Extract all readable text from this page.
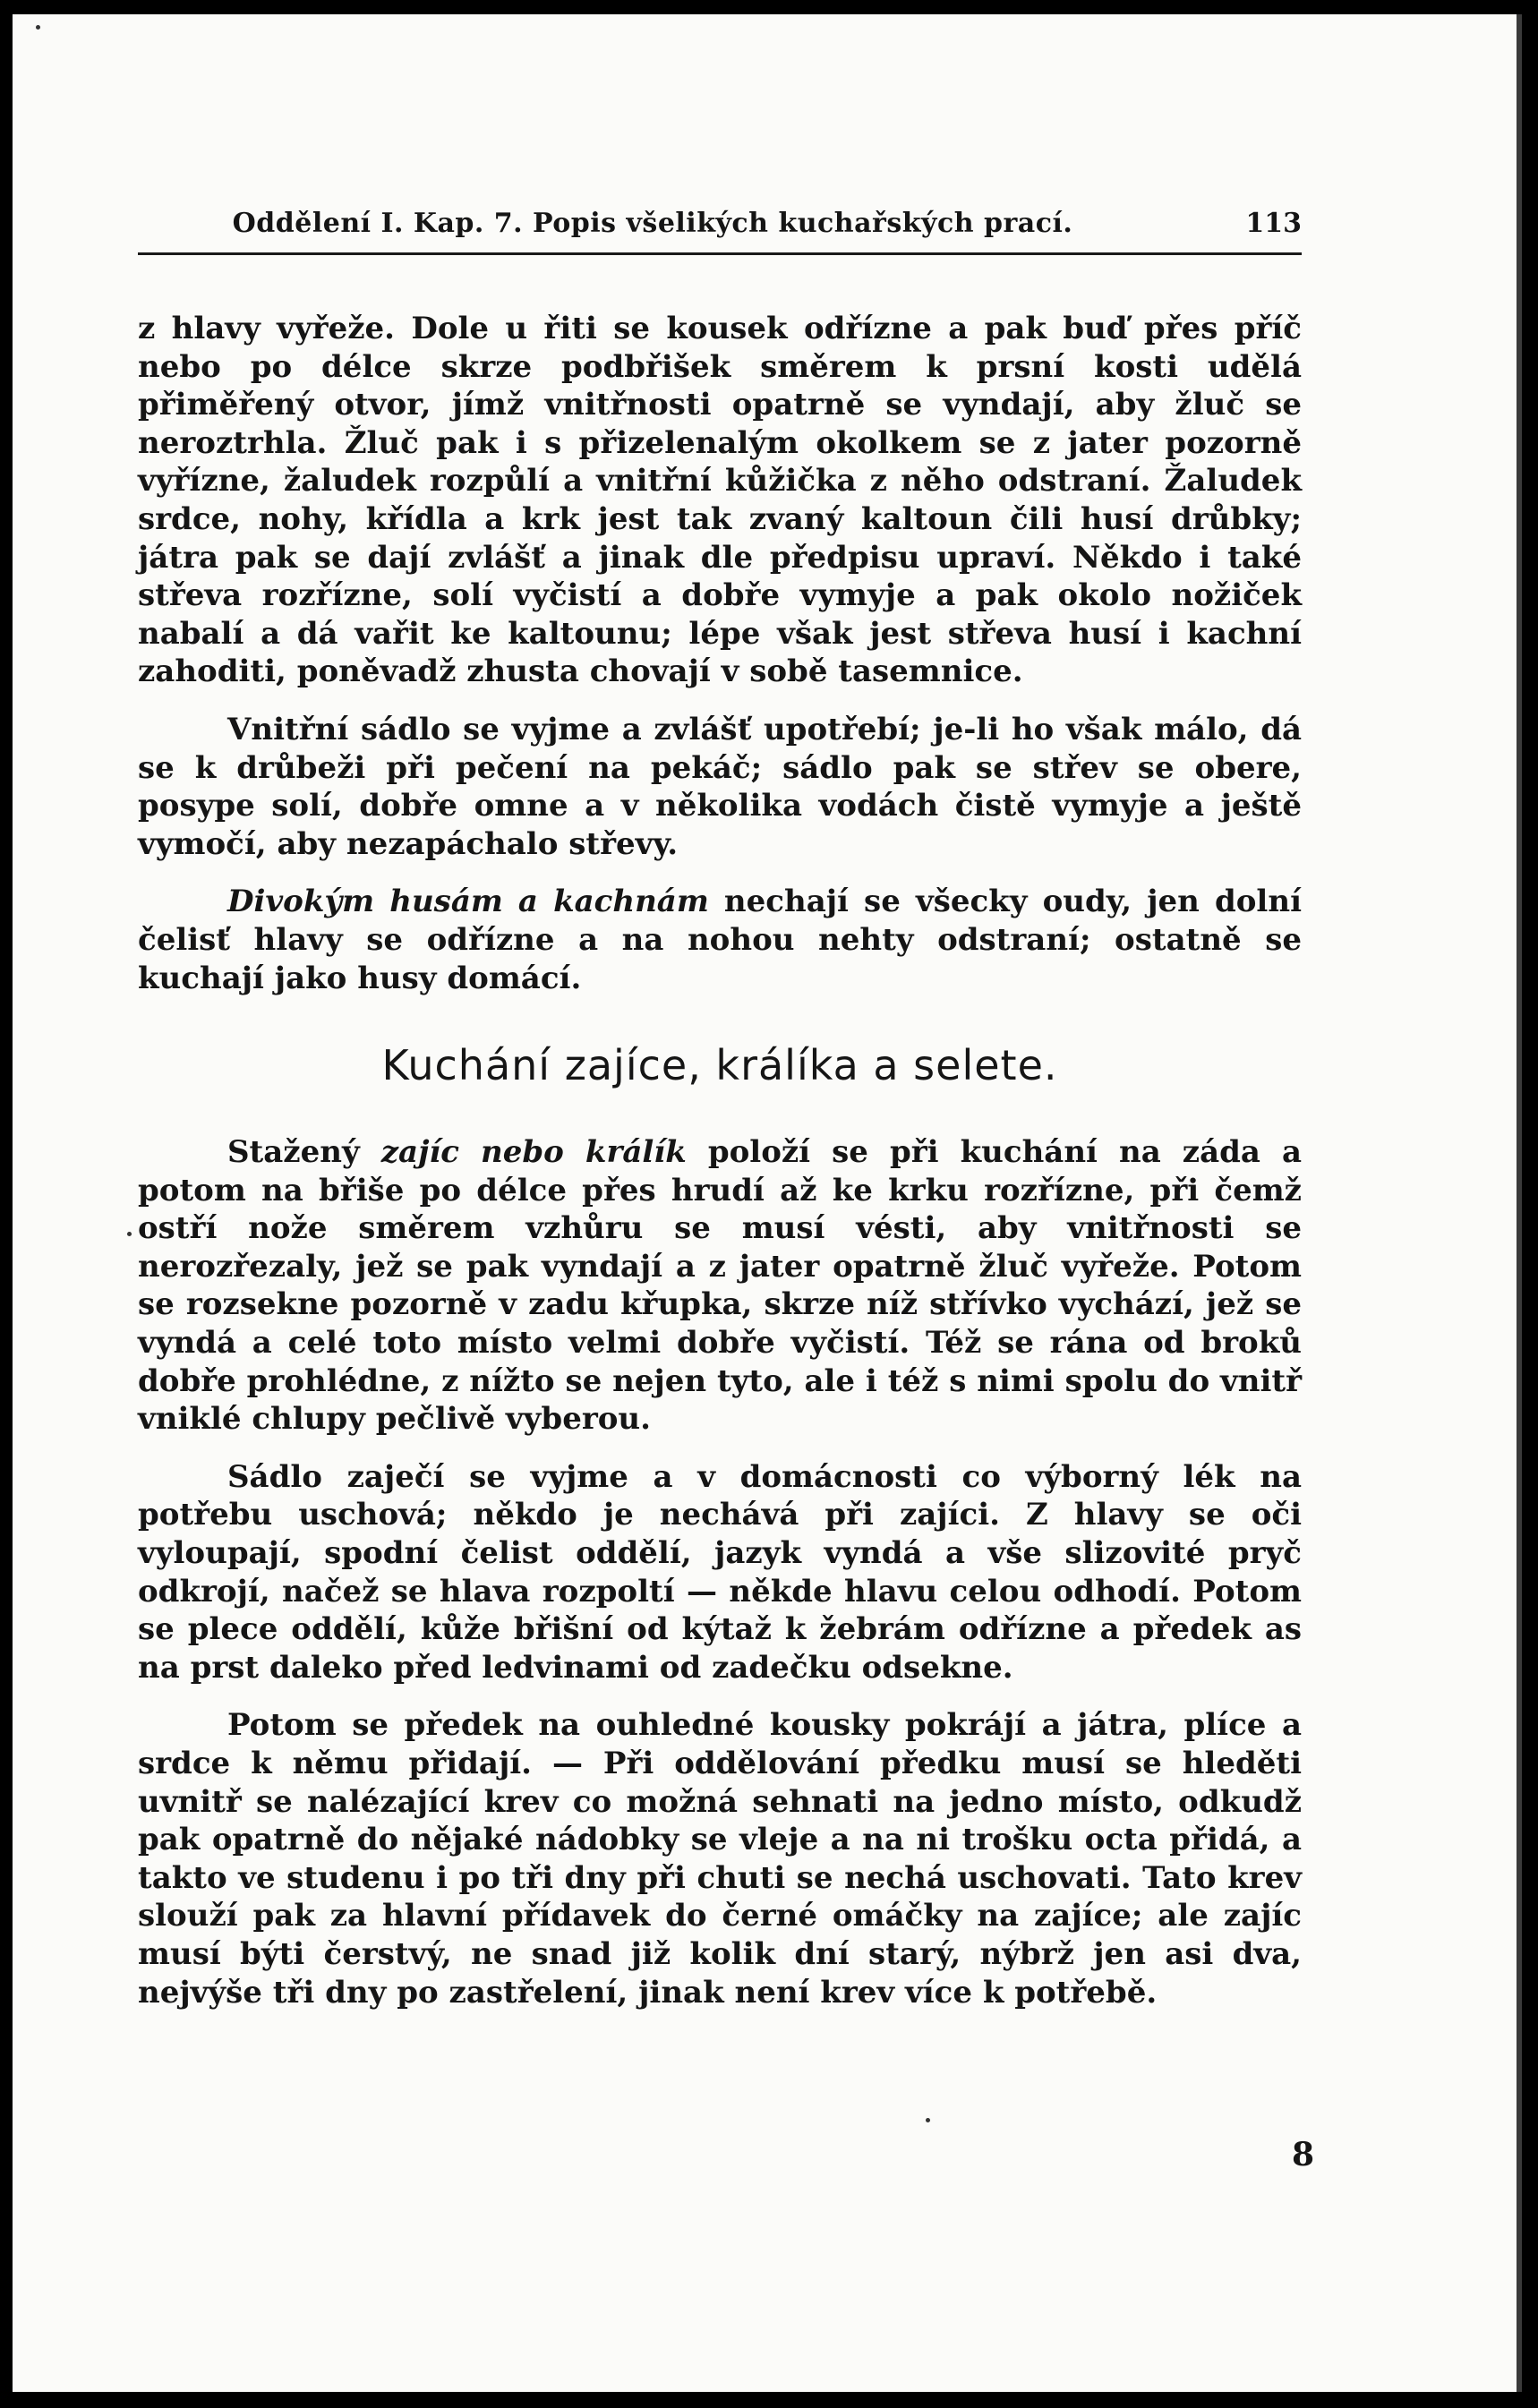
Oddělení I. Kap. 7. Popis všelikých kuchařských prací.	113

z hlavy vyřeže. Dole u řiti se kousek odřízne a pak buď přes příč nebo po délce skrze podbřišek směrem k prsní kosti udělá přiměřený otvor, jímž vnitřnosti opatrně se vyndají, aby žluč se neroztrhla. Žluč pak i s přizelenalým okolkem se z jater pozorně vyřízne, žaludek rozpůlí a vnitřní kůžička z něho odstraní. Žaludek srdce, nohy, křídla a krk jest tak zvaný kaltoun čili husí drůbky; játra pak se dají zvlášť a jinak dle předpisu upraví. Někdo i také střeva rozřízne, solí vyčistí a dobře vymyje a pak okolo nožiček nabalí a dá vařit ke kaltounu; lépe však jest střeva husí i kachní zahoditi, poněvadž zhusta chovají v sobě tasemnice.

Vnitřní sádlo se vyjme a zvlášť upotřebí; je-li ho však málo, dá se k drůbeži při pečení na pekáč; sádlo pak se střev se obere, posype solí, dobře omne a v několika vodách čistě vymyje a ještě vymočí, aby nezapáchalo střevy.

Divokým husám a kachnám nechají se všecky oudy, jen dolní čelisť hlavy se odřízne a na nohou nehty odstraní; ostatně se kuchají jako husy domácí.

Kuchání zajíce, králíka a selete.

Stažený zajíc nebo králík položí se při kuchání na záda a potom na břiše po délce přes hrudí až ke krku rozřízne, při čemž ostří nože směrem vzhůru se musí vésti, aby vnitřnosti se nerozřezaly, jež se pak vyndají a z jater opatrně žluč vyřeže. Potom se rozsekne pozorně v zadu křupka, skrze níž střívko vychází, jež se vyndá a celé toto místo velmi dobře vyčistí. Též se rána od broků dobře prohlédne, z nížto se nejen tyto, ale i též s nimi spolu do vnitř vniklé chlupy pečlivě vyberou.

Sádlo zaječí se vyjme a v domácnosti co výborný lék na potřebu uschová; někdo je nechává při zajíci. Z hlavy se oči vyloupají, spodní čelist oddělí, jazyk vyndá a vše slizovité pryč odkrojí, načež se hlava rozpoltí — někde hlavu celou odhodí. Potom se plece oddělí, kůže břišní od kýtaž k žebrám odřízne a předek as na prst daleko před ledvinami od zadečku odsekne.

Potom se předek na ouhledné kousky pokrájí a játra, plíce a srdce k němu přidají. — Při oddělování předku musí se hleděti uvnitř se nalézající krev co možná sehnati na jedno místo, odkudž pak opatrně do nějaké nádobky se vleje a na ni trošku octa přidá, a takto ve studenu i po tři dny při chuti se nechá uschovati. Tato krev slouží pak za hlavní přídavek do černé omáčky na zajíce; ale zajíc musí býti čerstvý, ne snad již kolik dní starý, nýbrž jen asi dva, nejvýše tři dny po zastřelení, jinak není krev více k potřebě.

8
